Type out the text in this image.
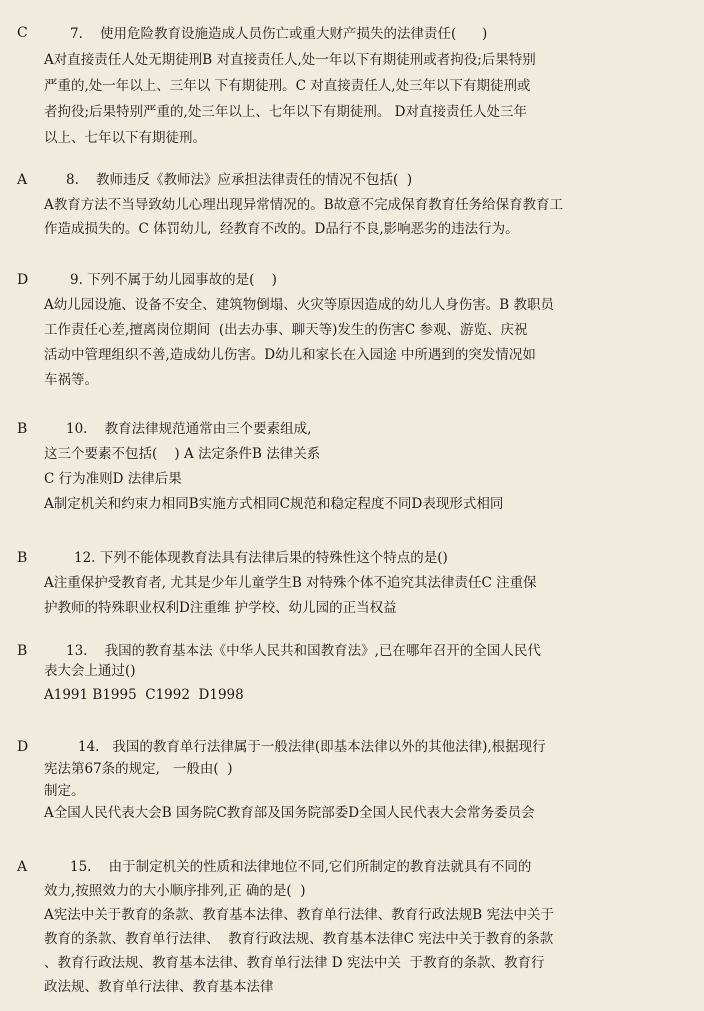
C	7.    使用危险教育设施造成人员伤亡或重大财产损失的法律责任(      )
A对直接责任人处无期徒刑B 对直接责任人,处一年以下有期徒刑或者拘役;后果特别
严重的,处一年以上、三年以 下有期徒刑。C 对直接责任人,处三年以下有期徒刑或
者拘役;后果特别严重的,处三年以上、七年以下有期徒刑。 D对直接责任人处三年
以上、七年以下有期徒刑。
A	8.    教师违反《教师法》应承担法律责任的情况不包括(  )
A教育方法不当导致幼儿心理出现异常情况的。B故意不完成保育教育任务给保育教育工
作造成损失的。C 体罚幼儿,  经教育不改的。D品行不良,影响恶劣的违法行为。
D	9. 下列不属于幼儿园事故的是(    )
A幼儿园设施、设备不安全、建筑物倒塌、火灾等原因造成的幼儿人身伤害。B 教职员
工作责任心差,擅离岗位期间  (出去办事、聊天等)发生的伤害C 参观、游览、庆祝
活动中管理组织不善,造成幼儿伤害。D幼儿和家长在入园途 中所遇到的突发情况如
车祸等。
B	10.    教育法律规范通常由三个要素组成,
这三个要素不包括(    ) A 法定条件B 法律关系
C 行为准则D 法律后果
A制定机关和约束力相同B实施方式相同C规范和稳定程度不同D表现形式相同
B	12. 下列不能体现教育法具有法律后果的特殊性这个特点的是()
A注重保护受教育者, 尤其是少年儿童学生B 对特殊个体不追究其法律责任C 注重保
护教师的特殊职业权利D注重维 护学校、幼儿园的正当权益
B	13.    我国的教育基本法《中华人民共和国教育法》,已在哪年召开的全国人民代
表大会上通过()
A1991 B1995  C1992  D1998
D	14.   我国的教育单行法律属于一般法律(即基本法律以外的其他法律),根据现行
宪法第67条的规定,   一般由(  )
制定。
A全国人民代表大会B 国务院C教育部及国务院部委D全国人民代表大会常务委员会
A	15.    由于制定机关的性质和法律地位不同,它们所制定的教育法就具有不同的
效力,按照效力的大小顺序排列,正 确的是(  )
A宪法中关于教育的条款、教育基本法律、教育单行法律、教育行政法规B 宪法中关于
教育的条款、教育单行法律、  教育行政法规、教育基本法律C 宪法中关于教育的条款
、教育行政法规、教育基本法律、教育单行法律 D 宪法中关  于教育的条款、教育行
政法规、教育单行法律、教育基本法律
